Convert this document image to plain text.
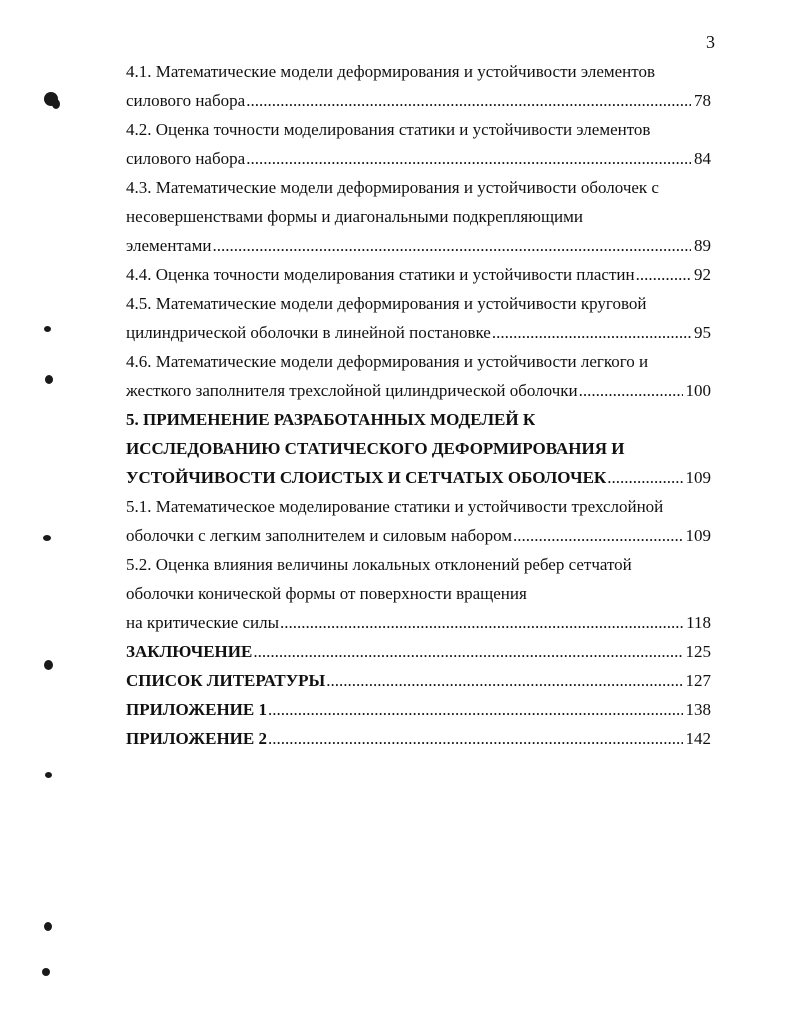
3
4.1. Математические модели деформирования и устойчивости элементов
силового набора .....	78
4.2. Оценка точности моделирования статики и устойчивости элементов
силового набора .....	84
4.3. Математические модели деформирования и устойчивости оболочек с
несовершенствами формы и диагональными подкрепляющими
элементами .....	89
4.4. Оценка точности моделирования статики и устойчивости пластин .....	92
4.5. Математические модели деформирования и устойчивости круговой
цилиндрической оболочки в линейной постановке .....	95
4.6. Математические модели деформирования и устойчивости легкого и
жесткого заполнителя трехслойной цилиндрической оболочки .....	100
5. ПРИМЕНЕНИЕ РАЗРАБОТАННЫХ МОДЕЛЕЙ К
ИССЛЕДОВАНИЮ СТАТИЧЕСКОГО ДЕФОРМИРОВАНИЯ И
УСТОЙЧИВОСТИ СЛОИСТЫХ И СЕТЧАТЫХ ОБОЛОЧЕК .....	109
5.1. Математическое моделирование статики и устойчивости трехслойной
оболочки с легким заполнителем и силовым набором .....	109
5.2. Оценка влияния величины локальных отклонений ребер сетчатой
оболочки конической формы от поверхности вращения
на критические силы .....	118
ЗАКЛЮЧЕНИЕ .....	125
СПИСОК ЛИТЕРАТУРЫ .....	127
ПРИЛОЖЕНИЕ 1 .....	138
ПРИЛОЖЕНИЕ 2 .....	142
